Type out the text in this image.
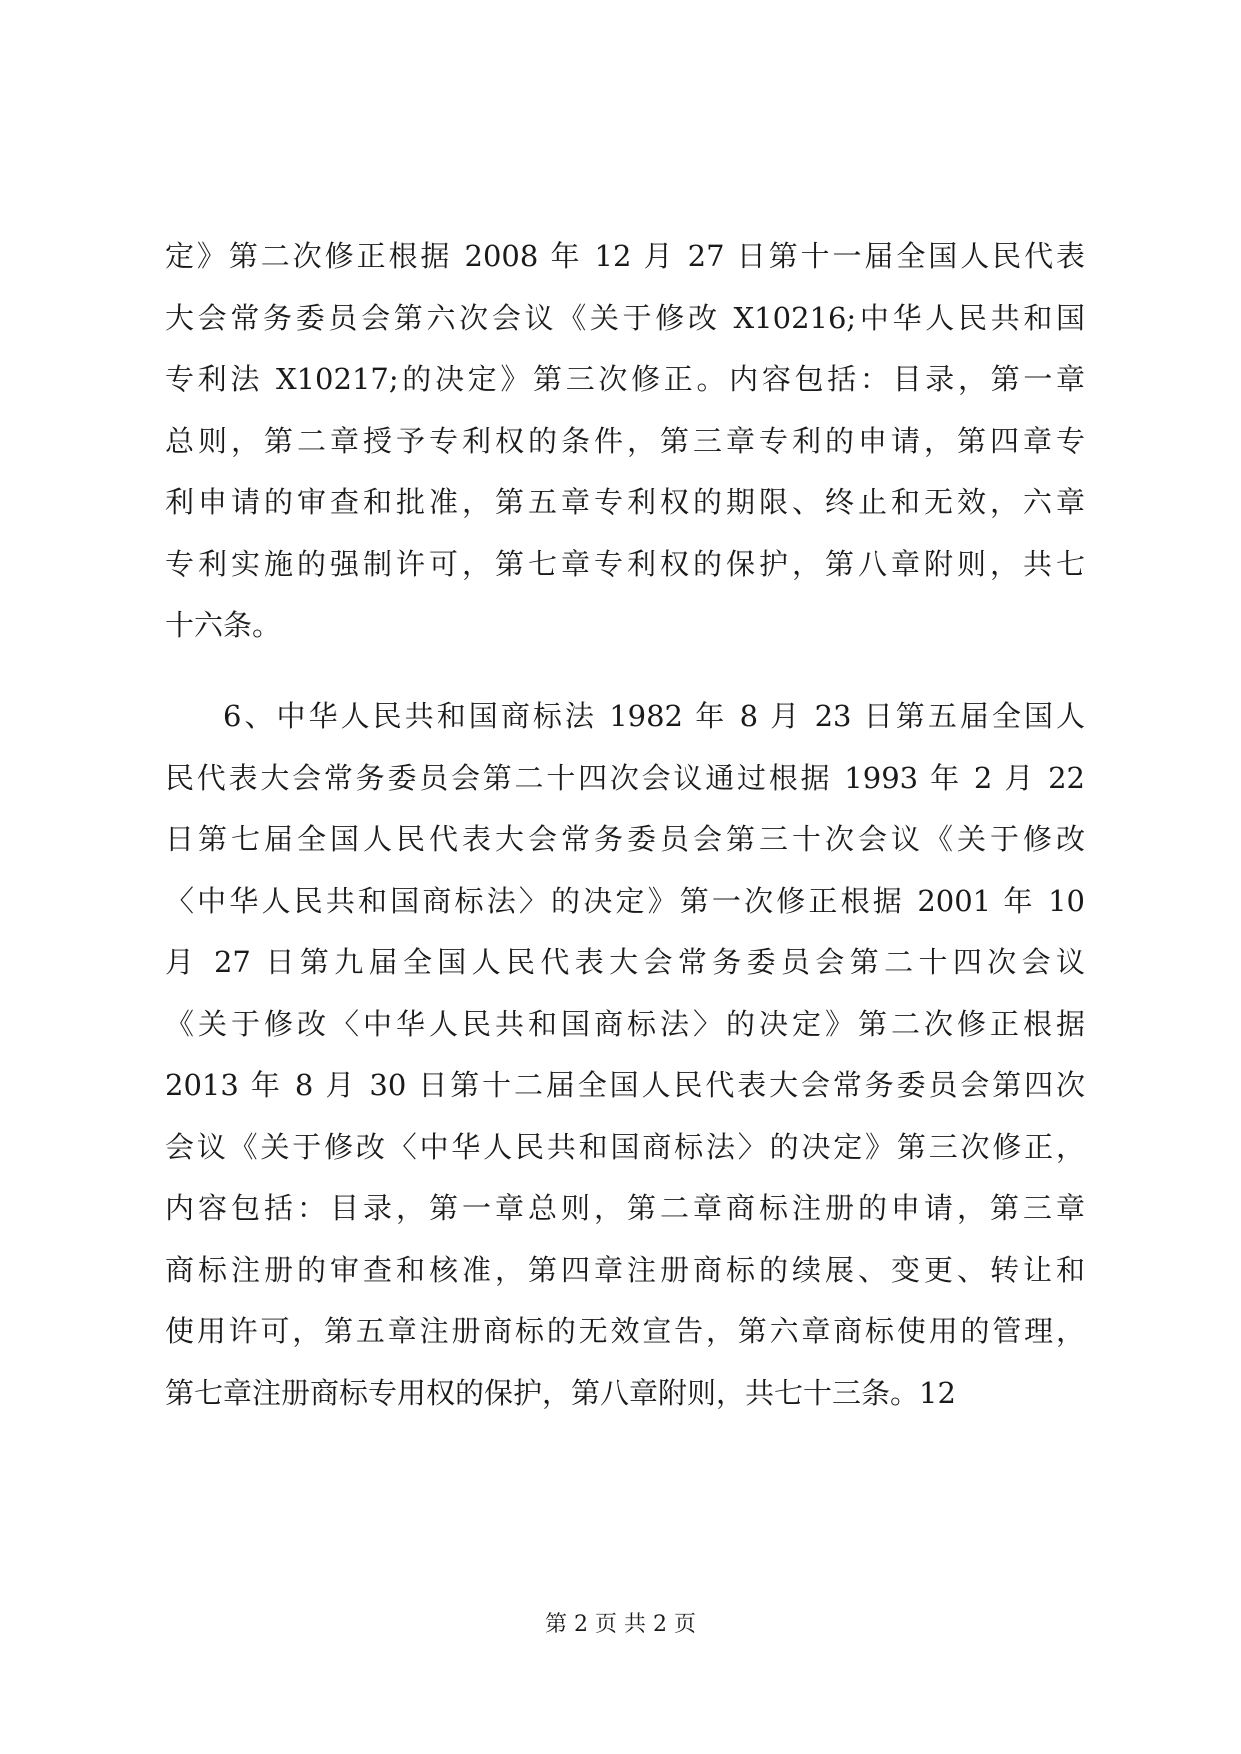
定》第二次修正根据 2008 年 12 月 27 日第十一届全国人民代表
大会常务委员会第六次会议《关于修改 X10216;中华人民共和国
专利法 X10217;的决定》第三次修正。内容包括：目录，第一章
总则，第二章授予专利权的条件，第三章专利的申请，第四章专
利申请的审查和批准，第五章专利权的期限、终止和无效，六章
专利实施的强制许可，第七章专利权的保护，第八章附则，共七
十六条。
6、中华人民共和国商标法 1982 年 8 月 23 日第五届全国人
民代表大会常务委员会第二十四次会议通过根据 1993 年 2 月 22
日第七届全国人民代表大会常务委员会第三十次会议《关于修改
〈中华人民共和国商标法〉的决定》第一次修正根据 2001 年 10
月 27 日第九届全国人民代表大会常务委员会第二十四次会议
《关于修改〈中华人民共和国商标法〉的决定》第二次修正根据
2013 年 8 月 30 日第十二届全国人民代表大会常务委员会第四次
会议《关于修改〈中华人民共和国商标法〉的决定》第三次修正，
内容包括：目录，第一章总则，第二章商标注册的申请，第三章
商标注册的审查和核准，第四章注册商标的续展、变更、转让和
使用许可，第五章注册商标的无效宣告，第六章商标使用的管理，
第七章注册商标专用权的保护，第八章附则，共七十三条。12
第 2 页 共 2 页
